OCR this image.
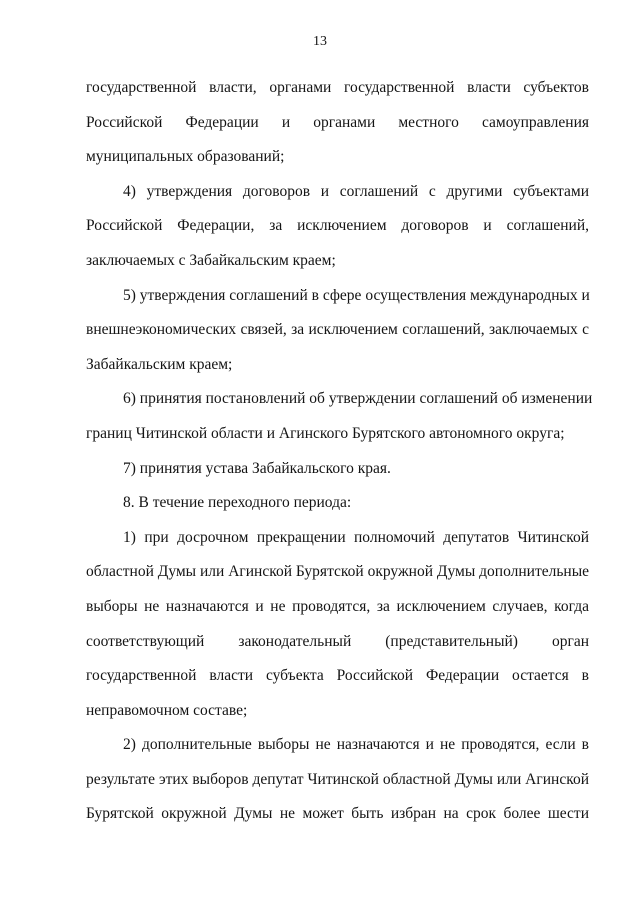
13
государственной власти, органами государственной власти субъектов
Российской Федерации и органами местного самоуправления
муниципальных образований;
4) утверждения договоров и соглашений с другими субъектами
Российской Федерации, за исключением договоров и соглашений,
заключаемых с Забайкальским краем;
5) утверждения соглашений в сфере осуществления международных и
внешнеэкономических связей, за исключением соглашений, заключаемых с
Забайкальским краем;
6) принятия постановлений об утверждении соглашений об изменении
границ Читинской области и Агинского Бурятского автономного округа;
7) принятия устава Забайкальского края.
8. В течение переходного периода:
1) при досрочном прекращении полномочий депутатов Читинской
областной Думы или Агинской Бурятской окружной Думы дополнительные
выборы не назначаются и не проводятся, за исключением случаев, когда
соответствующий законодательный (представительный) орган
государственной власти субъекта Российской Федерации остается в
неправомочном составе;
2) дополнительные выборы не назначаются и не проводятся, если в
результате этих выборов депутат Читинской областной Думы или Агинской
Бурятской окружной Думы не может быть избран на срок более шести
